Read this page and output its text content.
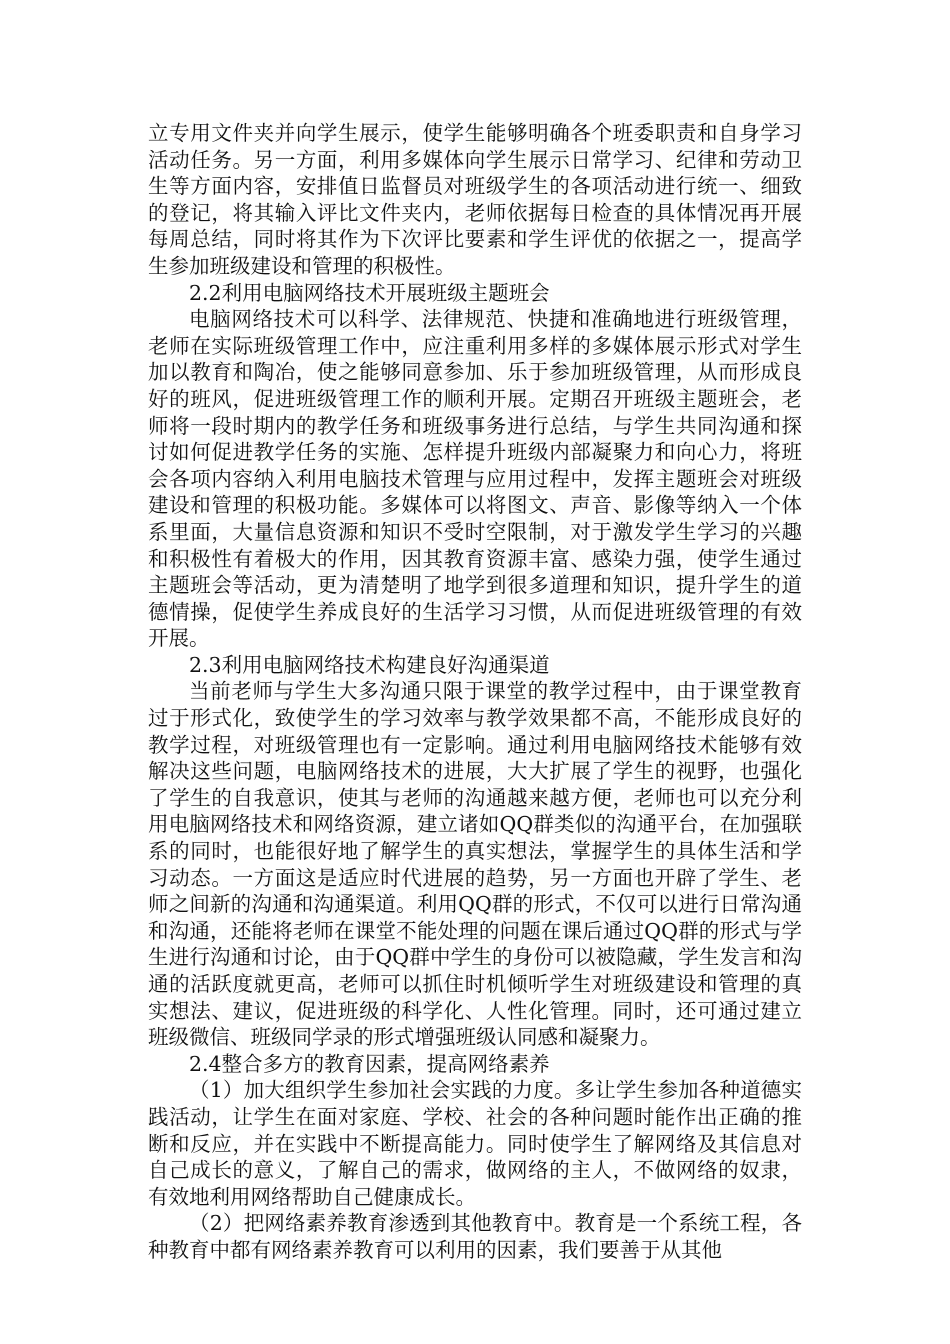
立专用文件夹并向学生展示，使学生能够明确各个班委职责和自身学习活动任务。另一方面，利用多媒体向学生展示日常学习、纪律和劳动卫生等方面内容，安排值日监督员对班级学生的各项活动进行统一、细致的登记，将其输入评比文件夹内，老师依据每日检查的具体情况再开展每周总结，同时将其作为下次评比要素和学生评优的依据之一，提高学生参加班级建设和管理的积极性。

2.2利用电脑网络技术开展班级主题班会

电脑网络技术可以科学、法律规范、快捷和准确地进行班级管理，老师在实际班级管理工作中，应注重利用多样的多媒体展示形式对学生加以教育和陶冶，使之能够同意参加、乐于参加班级管理，从而形成良好的班风，促进班级管理工作的顺利开展。定期召开班级主题班会，老师将一段时期内的教学任务和班级事务进行总结，与学生共同沟通和探讨如何促进教学任务的实施、怎样提升班级内部凝聚力和向心力，将班会各项内容纳入利用电脑技术管理与应用过程中，发挥主题班会对班级建设和管理的积极功能。多媒体可以将图文、声音、影像等纳入一个体系里面，大量信息资源和知识不受时空限制，对于激发学生学习的兴趣和积极性有着极大的作用，因其教育资源丰富、感染力强，使学生通过主题班会等活动，更为清楚明了地学到很多道理和知识，提升学生的道德情操，促使学生养成良好的生活学习习惯，从而促进班级管理的有效开展。

2.3利用电脑网络技术构建良好沟通渠道

当前老师与学生大多沟通只限于课堂的教学过程中，由于课堂教育过于形式化，致使学生的学习效率与教学效果都不高，不能形成良好的教学过程，对班级管理也有一定影响。通过利用电脑网络技术能够有效解决这些问题，电脑网络技术的进展，大大扩展了学生的视野，也强化了学生的自我意识，使其与老师的沟通越来越方便，老师也可以充分利用电脑网络技术和网络资源，建立诸如QQ群类似的沟通平台，在加强联系的同时，也能很好地了解学生的真实想法，掌握学生的具体生活和学习动态。一方面这是适应时代进展的趋势，另一方面也开辟了学生、老师之间新的沟通和沟通渠道。利用QQ群的形式，不仅可以进行日常沟通和沟通，还能将老师在课堂不能处理的问题在课后通过QQ群的形式与学生进行沟通和讨论，由于QQ群中学生的身份可以被隐藏，学生发言和沟通的活跃度就更高，老师可以抓住时机倾听学生对班级建设和管理的真实想法、建议，促进班级的科学化、人性化管理。同时，还可通过建立班级微信、班级同学录的形式增强班级认同感和凝聚力。

2.4整合多方的教育因素，提高网络素养

（1）加大组织学生参加社会实践的力度。多让学生参加各种道德实践活动，让学生在面对家庭、学校、社会的各种问题时能作出正确的推断和反应，并在实践中不断提高能力。同时使学生了解网络及其信息对自己成长的意义，了解自己的需求，做网络的主人，不做网络的奴隶，有效地利用网络帮助自己健康成长。

（2）把网络素养教育渗透到其他教育中。教育是一个系统工程，各种教育中都有网络素养教育可以利用的因素，我们要善于从其他
